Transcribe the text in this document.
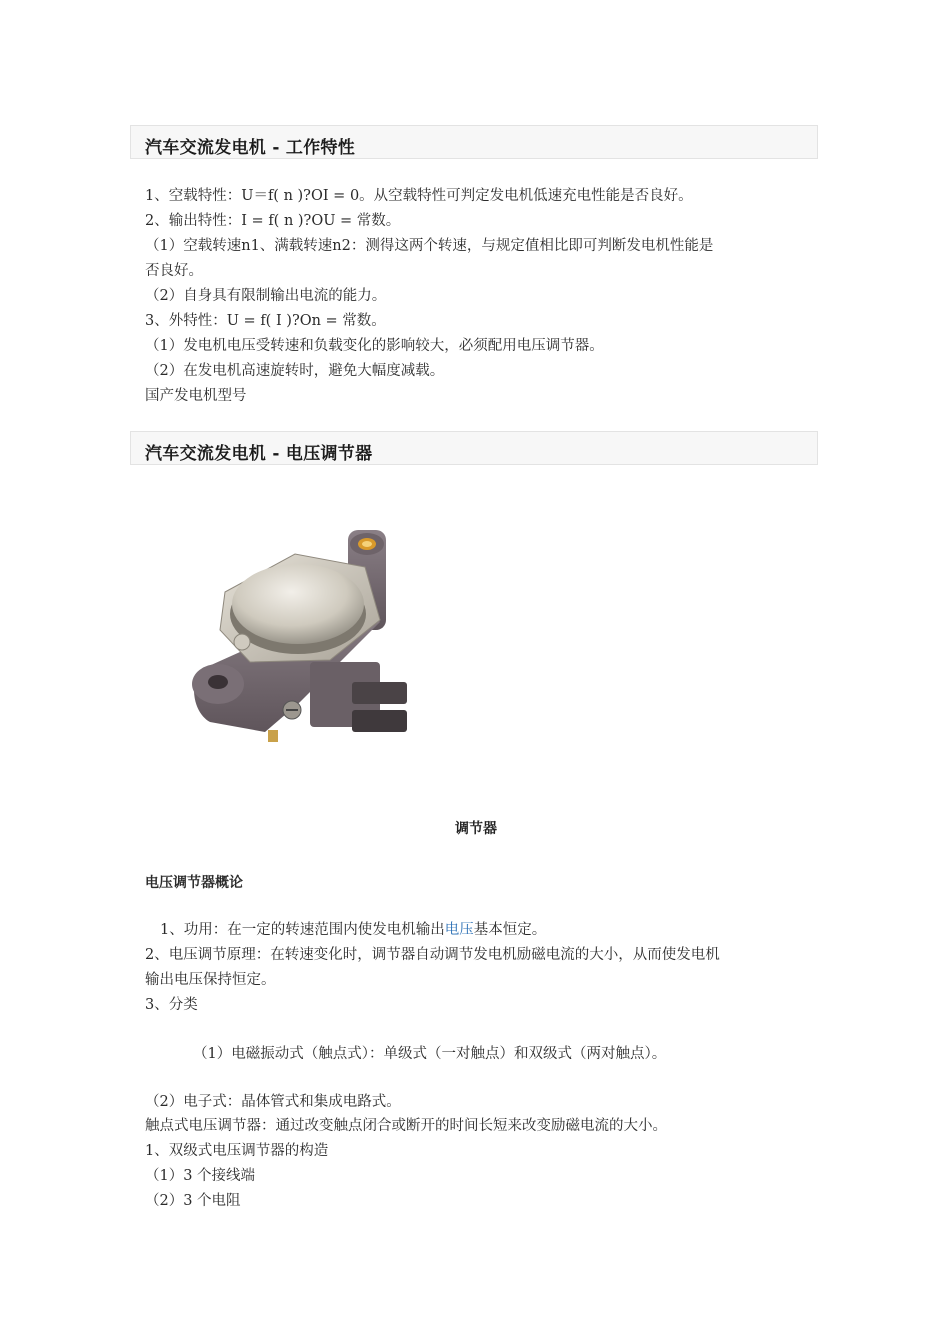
汽车交流发电机 - 工作特性
1、空载特性：U＝f( n )?OI = 0。从空载特性可判定发电机低速充电性能是否良好。
2、输出特性：I = f( n )?OU = 常数。
（1）空载转速n1、满载转速n2：测得这两个转速，与规定值相比即可判断发电机性能是
否良好。
（2）自身具有限制输出电流的能力。
3、外特性：U = f( I )?On = 常数。
（1）发电机电压受转速和负载变化的影响较大，必须配用电压调节器。
（2）在发电机高速旋转时，避免大幅度减载。
国产发电机型号
汽车交流发电机 - 电压调节器
调节器
电压调节器概论
1、功用：在一定的转速范围内使发电机输出电压基本恒定。
2、电压调节原理：在转速变化时，调节器自动调节发电机励磁电流的大小，从而使发电机
输出电压保持恒定。
3、分类
（1）电磁振动式（触点式）：单级式（一对触点）和双级式（两对触点）。
（2）电子式：晶体管式和集成电路式。
触点式电压调节器：通过改变触点闭合或断开的时间长短来改变励磁电流的大小。
1、双级式电压调节器的构造
（1）3 个接线端
（2）3 个电阻
